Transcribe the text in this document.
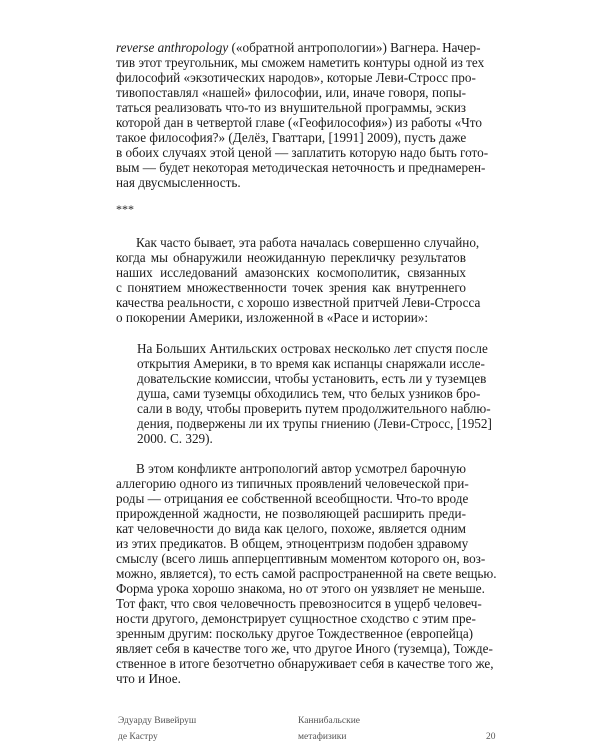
reverse anthropology («обратной антропологии») Вагнера. Начер-
тив этот треугольник, мы сможем наметить контуры одной из тех
философий «экзотических народов», которые Леви-Стросс про-
тивопоставлял «нашей» философии, или, иначе говоря, попы-
таться реализовать что-то из внушительной программы, эскиз
которой дан в четвертой главе («Геофилософия») из работы «Что
такое философия?» (Делёз, Гваттари, [1991] 2009), пусть даже
в обоих случаях этой ценой — заплатить которую надо быть гото-
вым — будет некоторая методическая неточность и преднамерен-
ная двусмысленность.
***
Как часто бывает, эта работа началась совершенно случайно,
когда мы обнаружили неожиданную перекличку результатов
наших исследований амазонских космополитик, связанных
с понятием множественности точек зрения как внутреннего
качества реальности, с хорошо известной притчей Леви-Стросса
о покорении Америки, изложенной в «Расе и истории»:
На Больших Антильских островах несколько лет спустя после
открытия Америки, в то время как испанцы снаряжали иссле-
довательские комиссии, чтобы установить, есть ли у туземцев
душа, сами туземцы обходились тем, что белых узников бро-
сали в воду, чтобы проверить путем продолжительного наблю-
дения, подвержены ли их трупы гниению (Леви-Стросс, [1952]
2000. С. 329).
В этом конфликте антропологий автор усмотрел барочную
аллегорию одного из типичных проявлений человеческой при-
роды — отрицания ее собственной всеобщности. Что-то вроде
прирожденной жадности, не позволяющей расширить преди-
кат человечности до вида как целого, похоже, является одним
из этих предикатов. В общем, этноцентризм подобен здравому
смыслу (всего лишь апперцептивным моментом которого он, воз-
можно, является), то есть самой распространенной на свете вещью.
Форма урока хорошо знакома, но от этого он уязвляет не меньше.
Тот факт, что своя человечность превозносится в ущерб человеч-
ности другого, демонстрирует сущностное сходство с этим пре-
зренным другим: поскольку другое Тождественное (европейца)
являет себя в качестве того же, что другое Иного (туземца), Тожде-
ственное в итоге безотчетно обнаруживает себя в качестве того же,
что и Иное.
Эдуарду Вивейруш
де Кастру
Каннибальские
метафизики	20
